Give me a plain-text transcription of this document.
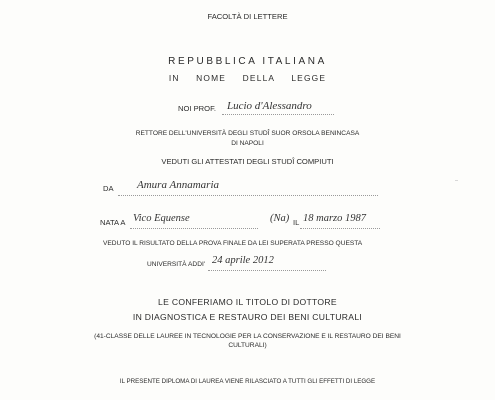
FACOLTÀ DI LETTERE
REPUBBLICA ITALIANA
IN   NOME   DELLA   LEGGE
NOI PROF. Lucio d'Alessandro
RETTORE DELL'UNIVERSITÀ DEGLI STUDÎ SUOR ORSOLA BENINCASA
DI NAPOLI
VEDUTI GLI ATTESTATI DEGLI STUDÎ COMPIUTI
DA Amura Annamaria
NATA A Vico Equense	(Na) IL 18 marzo 1987
VEDUTO IL RISULTATO DELLA PROVA FINALE DA LEI SUPERATA PRESSO QUESTA
UNIVERSITÀ ADDI' 24 aprile 2012
LE CONFERIAMO IL TITOLO DI DOTTORE
IN DIAGNOSTICA E RESTAURO DEI BENI CULTURALI
(41-CLASSE DELLE LAUREE IN TECNOLOGIE PER LA CONSERVAZIONE E IL RESTAURO DEI BENI
CULTURALI)
IL PRESENTE DIPLOMA DI LAUREA VIENE RILASCIATO A TUTTI GLI EFFETTI DI LEGGE
